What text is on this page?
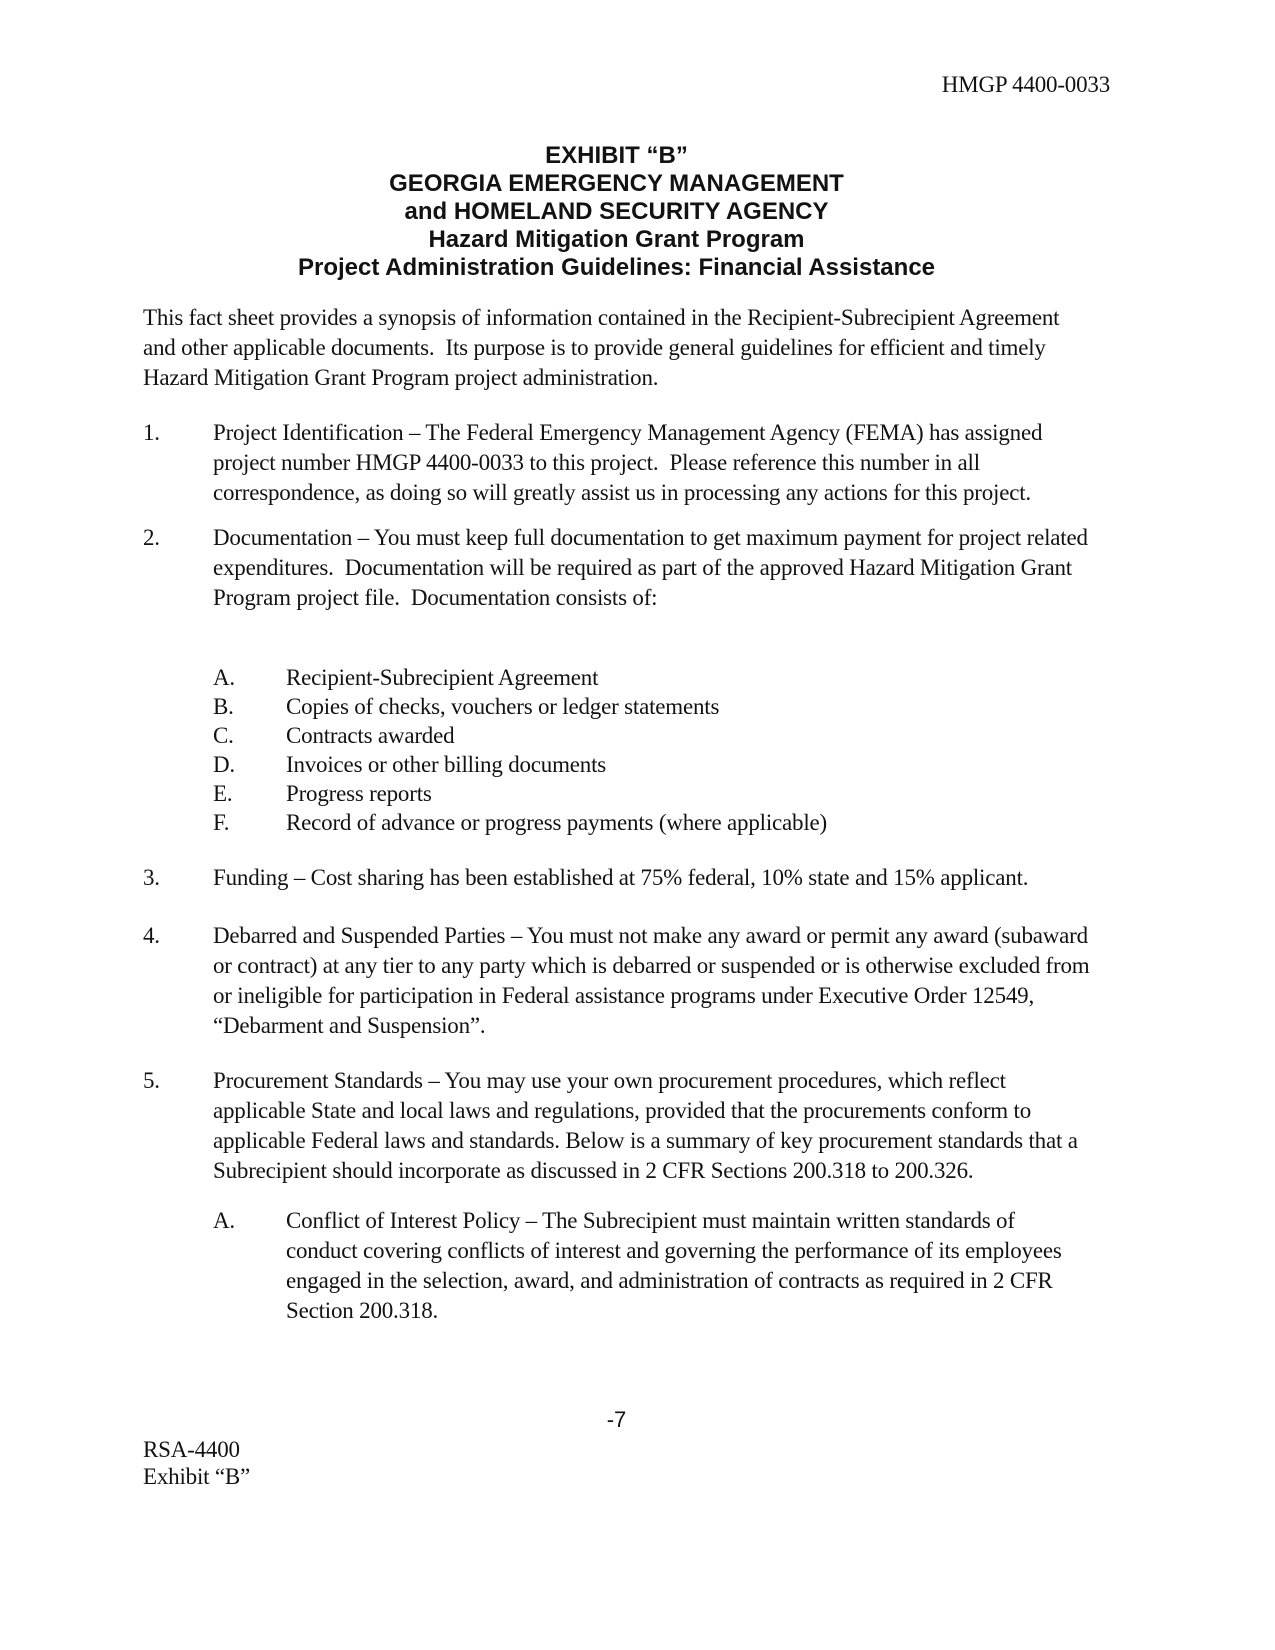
HMGP 4400-0033
EXHIBIT “B”
GEORGIA EMERGENCY MANAGEMENT
and HOMELAND SECURITY AGENCY
Hazard Mitigation Grant Program
Project Administration Guidelines: Financial Assistance

This fact sheet provides a synopsis of information contained in the Recipient-Subrecipient Agreement and other applicable documents.  Its purpose is to provide general guidelines for efficient and timely Hazard Mitigation Grant Program project administration.

1.	Project Identification – The Federal Emergency Management Agency (FEMA) has assigned project number HMGP 4400-0033 to this project.  Please reference this number in all correspondence, as doing so will greatly assist us in processing any actions for this project.

2.	Documentation – You must keep full documentation to get maximum payment for project related expenditures.  Documentation will be required as part of the approved Hazard Mitigation Grant Program project file.  Documentation consists of:

A.	Recipient-Subrecipient Agreement
B.	Copies of checks, vouchers or ledger statements
C.	Contracts awarded
D.	Invoices or other billing documents
E.	Progress reports
F.	Record of advance or progress payments (where applicable)
3.	Funding – Cost sharing has been established at 75% federal, 10% state and 15% applicant.

4.	Debarred and Suspended Parties – You must not make any award or permit any award (subaward or contract) at any tier to any party which is debarred or suspended or is otherwise excluded from or ineligible for participation in Federal assistance programs under Executive Order 12549, “Debarment and Suspension”.

5.	Procurement Standards – You may use your own procurement procedures, which reflect applicable State and local laws and regulations, provided that the procurements conform to applicable Federal laws and standards. Below is a summary of key procurement standards that a Subrecipient should incorporate as discussed in 2 CFR Sections 200.318 to 200.326.

A.	Conflict of Interest Policy – The Subrecipient must maintain written standards of conduct covering conflicts of interest and governing the performance of its employees engaged in the selection, award, and administration of contracts as required in 2 CFR Section 200.318.
-7
RSA-4400
Exhibit “B”
